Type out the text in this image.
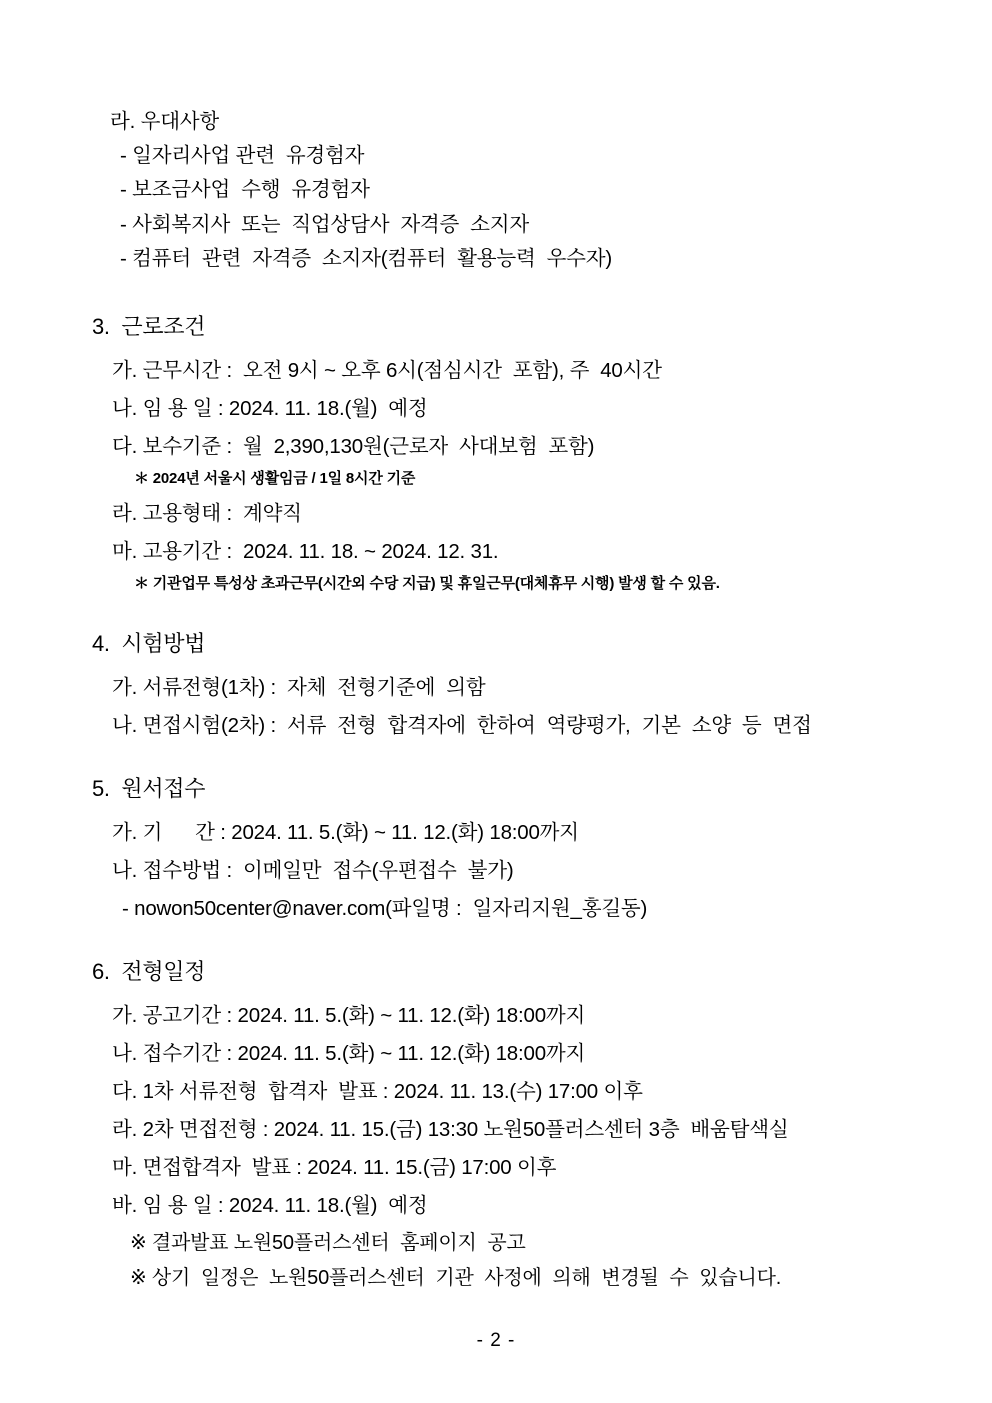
라. 우대사항
- 일자리사업 관련  유경험자
- 보조금사업  수행  유경험자
- 사회복지사  또는  직업상담사  자격증  소지자
- 컴퓨터  관련  자격증  소지자(컴퓨터  활용능력  우수자)
3.  근로조건
가. 근무시간 :  오전 9시 ~ 오후 6시(점심시간  포함), 주  40시간
나. 임 용 일 : 2024. 11. 18.(월)  예정
다. 보수기준 :  월  2,390,130원(근로자  사대보험  포함)
＊ 2024년 서울시 생활임금 / 1일 8시간 기준
라. 고용형태 :  계약직
마. 고용기간 :  2024. 11. 18. ~ 2024. 12. 31.
＊ 기관업무 특성상 초과근무(시간외 수당 지급) 및 휴일근무(대체휴무 시행) 발생 할 수 있음.
4.  시험방법
가. 서류전형(1차) :  자체  전형기준에  의함
나. 면접시험(2차) :  서류  전형  합격자에  한하여  역량평가,  기본  소양  등  면접
5.  원서접수
가. 기      간 : 2024. 11. 5.(화) ~ 11. 12.(화) 18:00까지
나. 접수방법 :  이메일만  접수(우편접수  불가)
- nowon50center@naver.com(파일명 :  일자리지원_홍길동)
6.  전형일정
가. 공고기간 : 2024. 11. 5.(화) ~ 11. 12.(화) 18:00까지
나. 접수기간 : 2024. 11. 5.(화) ~ 11. 12.(화) 18:00까지
다. 1차 서류전형  합격자  발표 : 2024. 11. 13.(수) 17:00 이후
라. 2차 면접전형 : 2024. 11. 15.(금) 13:30 노원50플러스센터 3층  배움탐색실
마. 면접합격자  발표 : 2024. 11. 15.(금) 17:00 이후
바. 임 용 일 : 2024. 11. 18.(월)  예정
※ 결과발표 노원50플러스센터  홈페이지  공고
※ 상기  일정은  노원50플러스센터  기관  사정에  의해  변경될  수  있습니다.
- 2 -
